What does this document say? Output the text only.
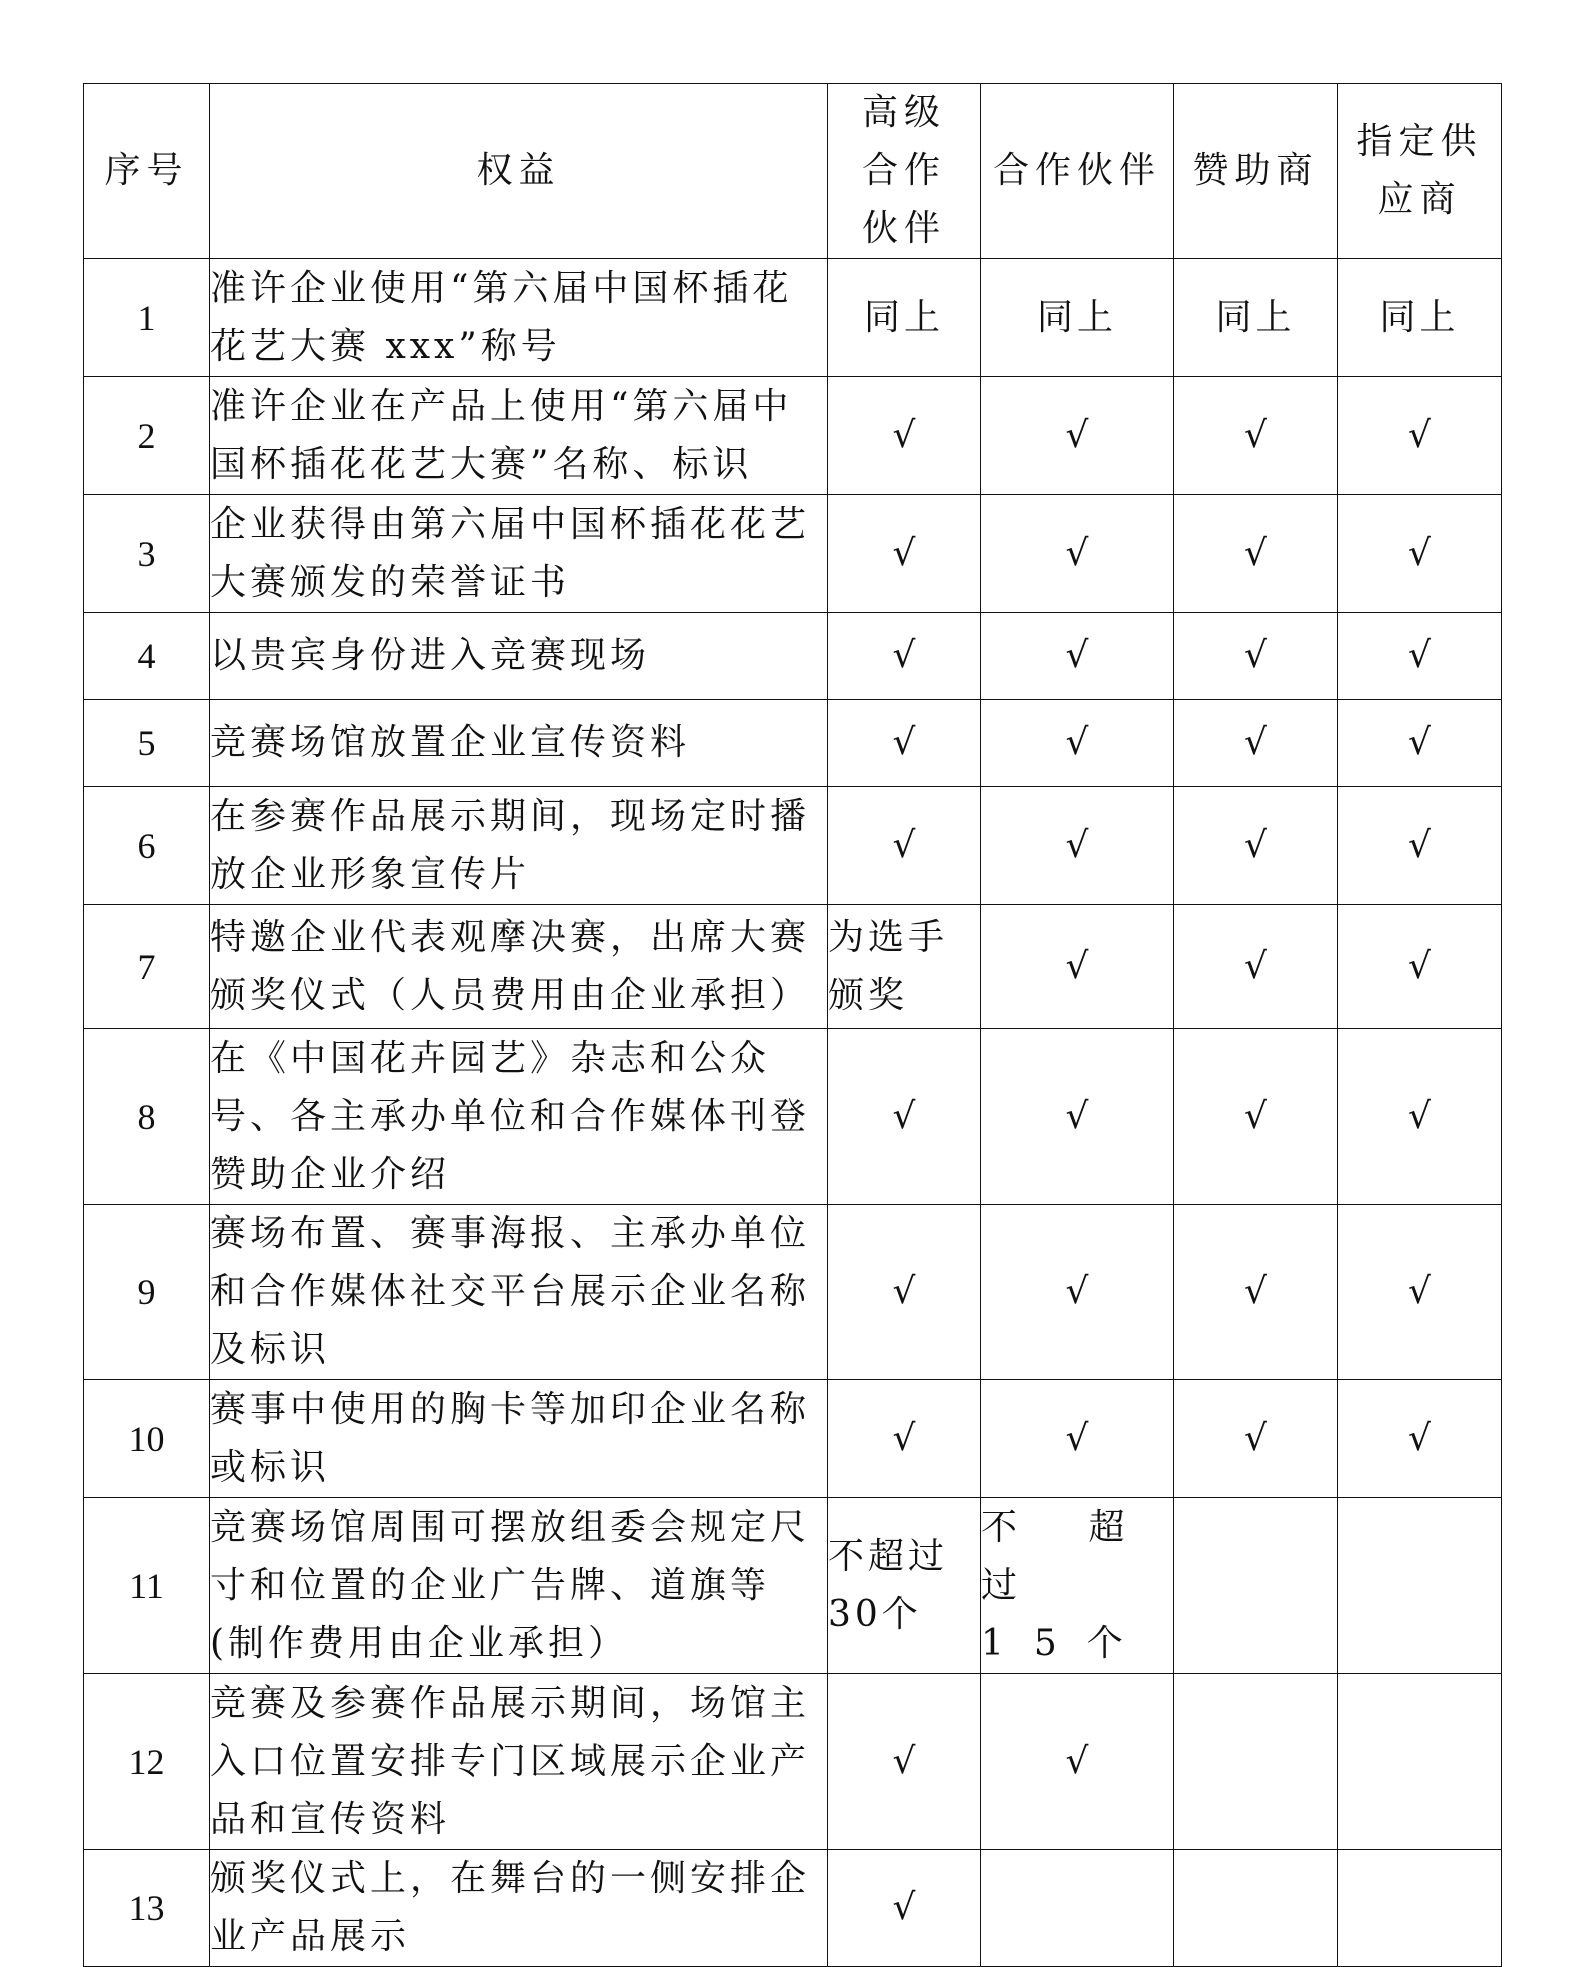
序号	权益	高级合作伙伴	合作伙伴	赞助商	指定供应商

1	准许企业使用“第六届中国杯插花花艺大赛 xxx”称号	同上	同上	同上	同上
2	准许企业在产品上使用“第六届中国杯插花花艺大赛”名称、标识	√	√	√	√
3	企业获得由第六届中国杯插花花艺大赛颁发的荣誉证书	√	√	√	√
4	以贵宾身份进入竞赛现场	√	√	√	√
5	竞赛场馆放置企业宣传资料	√	√	√	√
6	在参赛作品展示期间，现场定时播放企业形象宣传片	√	√	√	√
7	特邀企业代表观摩决赛，出席大赛颁奖仪式（人员费用由企业承担）	为选手颁奖	√	√	√
8	在《中国花卉园艺》杂志和公众号、各主承办单位和合作媒体刊登赞助企业介绍	√	√	√	√
9	赛场布置、赛事海报、主承办单位和合作媒体社交平台展示企业名称及标识	√	√	√	√
10	赛事中使用的胸卡等加印企业名称或标识	√	√	√	√
11	竞赛场馆周围可摆放组委会规定尺寸和位置的企业广告牌、道旗等(制作费用由企业承担）	不超过30个	不 超 过 15个		
12	竞赛及参赛作品展示期间，场馆主入口位置安排专门区域展示企业产品和宣传资料	√	√		
13	颁奖仪式上，在舞台的一侧安排企业产品展示	√			
